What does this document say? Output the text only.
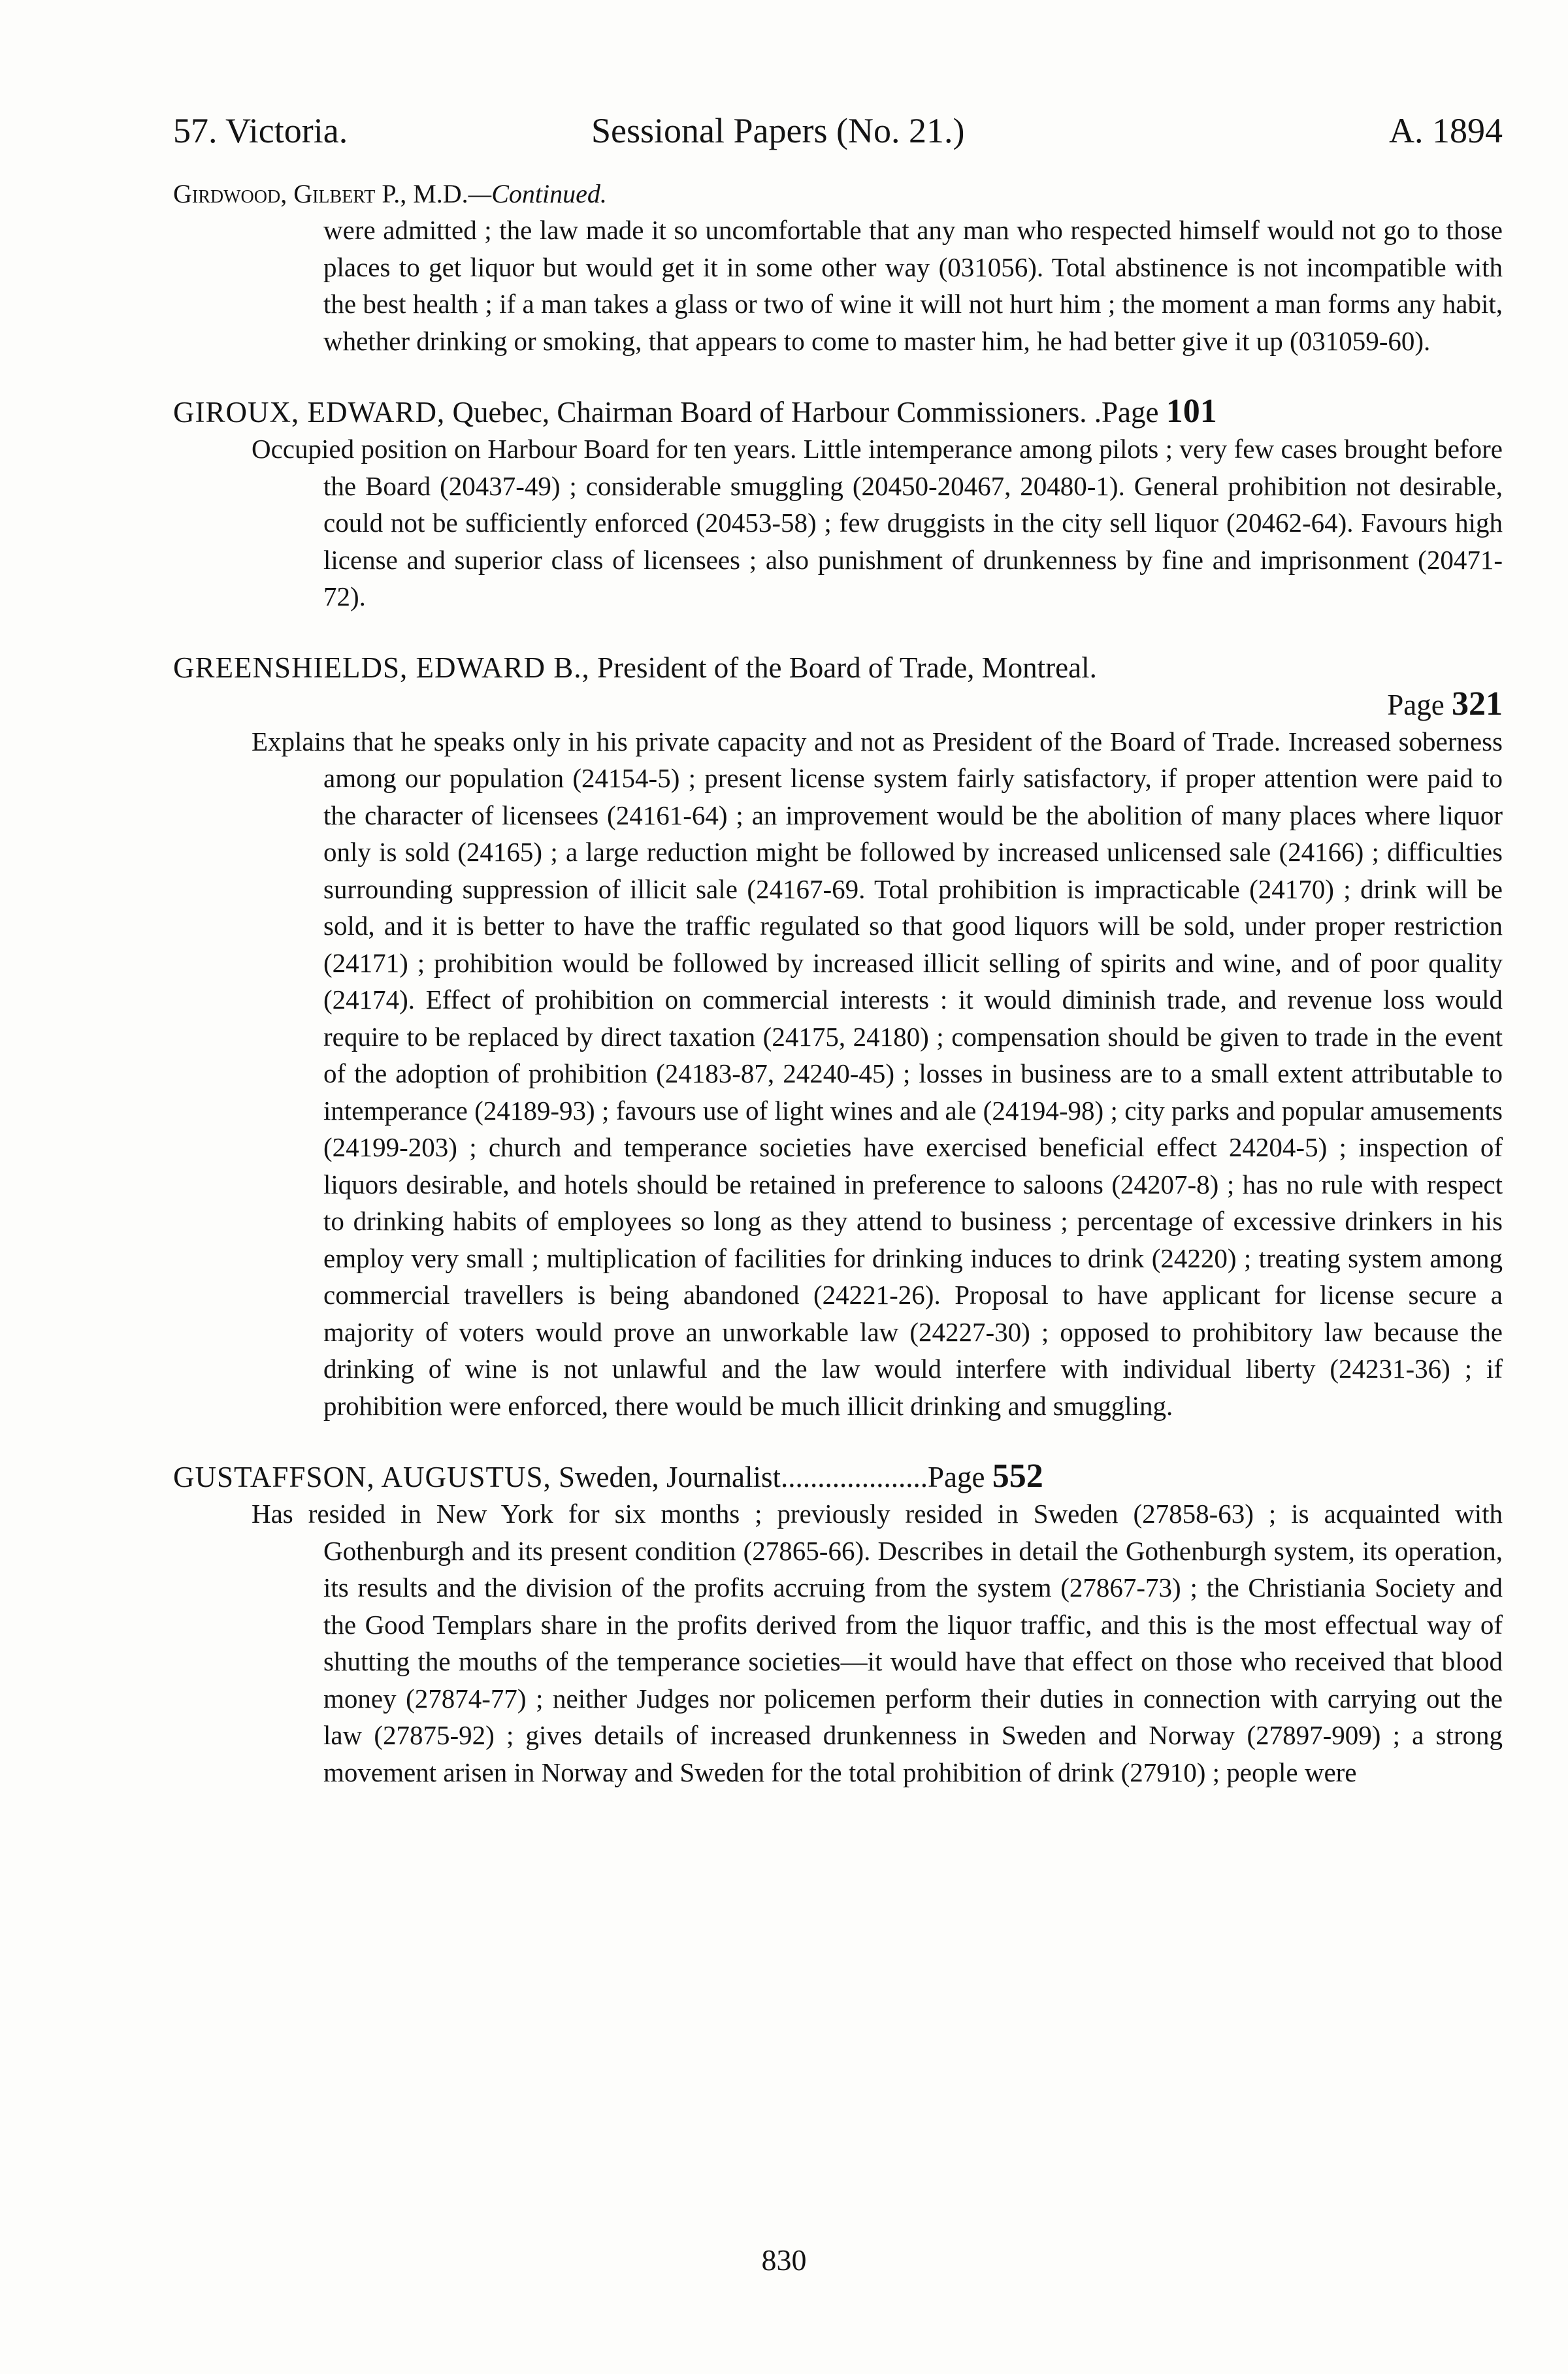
57. Victoria.	Sessional Papers (No. 21.)	A. 1894

Girdwood, Gilbert P., M.D.—Continued.

were admitted ; the law made it so uncomfortable that any man who respected himself would not go to those places to get liquor but would get it in some other way (031056). Total abstinence is not incompatible with the best health ; if a man takes a glass or two of wine it will not hurt him ; the moment a man forms any habit, whether drinking or smoking, that appears to come to master him, he had better give it up (031059-60).

GIROUX, EDWARD, Quebec, Chairman Board of Harbour Commissioners. .Page 101

Occupied position on Harbour Board for ten years. Little intemperance among pilots ; very few cases brought before the Board (20437-49) ; considerable smuggling (20450-20467, 20480-1). General prohibition not desirable, could not be sufficiently enforced (20453-58) ; few druggists in the city sell liquor (20462-64). Favours high license and superior class of licensees ; also punishment of drunkenness by fine and imprisonment (20471-72).

GREENSHIELDS, EDWARD B., President of the Board of Trade, Montreal.

Page 321

Explains that he speaks only in his private capacity and not as President of the Board of Trade. Increased soberness among our population (24154-5) ; present license system fairly satisfactory, if proper attention were paid to the character of licensees (24161-64) ; an improvement would be the abolition of many places where liquor only is sold (24165) ; a large reduction might be followed by increased unlicensed sale (24166) ; difficulties surrounding suppression of illicit sale (24167-69. Total prohibition is impracticable (24170) ; drink will be sold, and it is better to have the traffic regulated so that good liquors will be sold, under proper restriction (24171) ; prohibition would be followed by increased illicit selling of spirits and wine, and of poor quality (24174). Effect of prohibition on commercial interests : it would diminish trade, and revenue loss would require to be replaced by direct taxation (24175, 24180) ; compensation should be given to trade in the event of the adoption of prohibition (24183-87, 24240-45) ; losses in business are to a small extent attributable to intemperance (24189-93) ; favours use of light wines and ale (24194-98) ; city parks and popular amusements (24199-203) ; church and temperance societies have exercised beneficial effect 24204-5) ; inspection of liquors desirable, and hotels should be retained in preference to saloons (24207-8) ; has no rule with respect to drinking habits of employees so long as they attend to business ; percentage of excessive drinkers in his employ very small ; multiplication of facilities for drinking induces to drink (24220) ; treating system among commercial travellers is being abandoned (24221-26). Proposal to have applicant for license secure a majority of voters would prove an unworkable law (24227-30) ; opposed to prohibitory law because the drinking of wine is not unlawful and the law would interfere with individual liberty (24231-36) ; if prohibition were enforced, there would be much illicit drinking and smuggling.

GUSTAFFSON, AUGUSTUS, Sweden, Journalist....................Page 552

Has resided in New York for six months ; previously resided in Sweden (27858-63) ; is acquainted with Gothenburgh and its present condition (27865-66). Describes in detail the Gothenburgh system, its operation, its results and the division of the profits accruing from the system (27867-73) ; the Christiania Society and the Good Templars share in the profits derived from the liquor traffic, and this is the most effectual way of shutting the mouths of the temperance societies—it would have that effect on those who received that blood money (27874-77) ; neither Judges nor policemen perform their duties in connection with carrying out the law (27875-92) ; gives details of increased drunkenness in Sweden and Norway (27897-909) ; a strong movement arisen in Norway and Sweden for the total prohibition of drink (27910) ; people were

830
